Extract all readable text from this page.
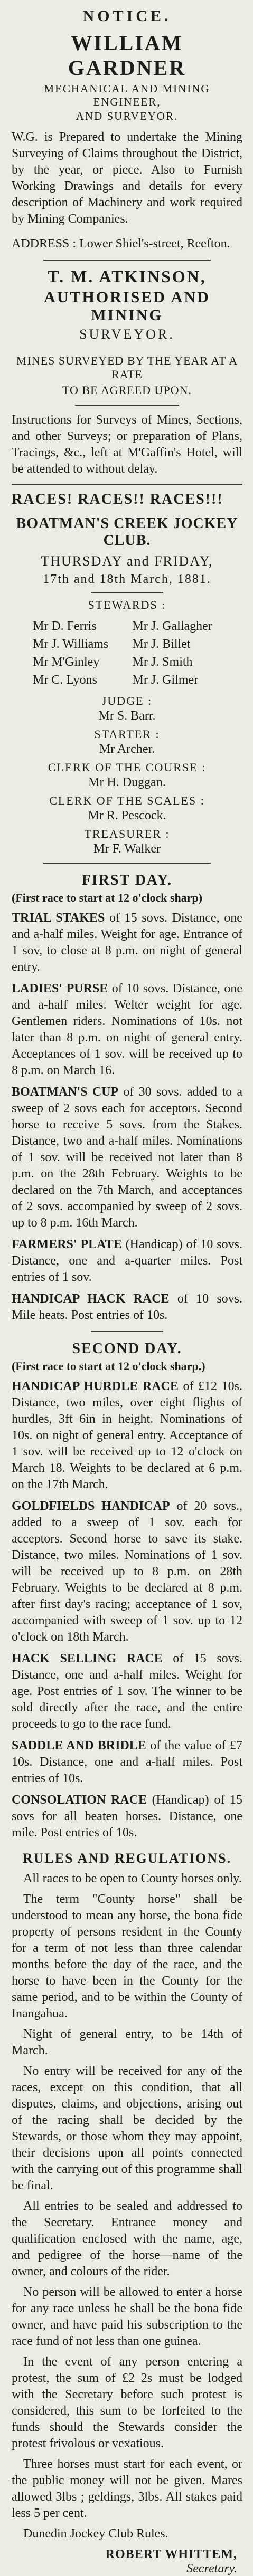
NOTICE.
WILLIAM GARDNER
MECHANICAL AND MINING ENGINEER,
AND SURVEYOR.
W.G. is Prepared to undertake the Mining Surveying of Claims throughout the District, by the year, or piece. Also to Furnish Working Drawings and details for every description of Machinery and work required by Mining Companies.
ADDRESS : Lower Shiel's-street, Reefton.
T. M. ATKINSON,
AUTHORISED AND MINING
SURVEYOR.
MINES SURVEYED BY THE YEAR AT A RATE
TO BE AGREED UPON.
Instructions for Surveys of Mines, Sections, and other Surveys; or preparation of Plans, Tracings, &c., left at M'Gaffin's Hotel, will be attended to without delay.
RACES! RACES!! RACES!!!
BOATMAN'S CREEK JOCKEY CLUB.
THURSDAY and FRIDAY,
17th and 18th March, 1881.
STEWARDS :
Mr D. Ferris	Mr J. Gallagher
Mr J. Williams	Mr J. Billet
Mr M'Ginley	Mr J. Smith
Mr C. Lyons	Mr J. Gilmer
JUDGE :
Mr S. Barr.
STARTER :
Mr Archer.
CLERK OF THE COURSE :
Mr H. Duggan.
CLERK OF THE SCALES :
Mr R. Pescock.
TREASURER :
Mr F. Walker
FIRST DAY.
(First race to start at 12 o'clock sharp)
TRIAL STAKES of 15 sovs. Distance, one and a-half miles. Weight for age. Entrance of 1 sov, to close at 8 p.m. on night of general entry.
LADIES' PURSE of 10 sovs. Distance, one and a-half miles. Welter weight for age. Gentlemen riders. Nominations of 10s. not later than 8 p.m. on night of general entry. Acceptances of 1 sov. will be received up to 8 p.m. on March 16.
BOATMAN'S CUP of 30 sovs. added to a sweep of 2 sovs each for acceptors. Second horse to receive 5 sovs. from the Stakes. Distance, two and a-half miles. Nominations of 1 sov. will be received not later than 8 p.m. on the 28th February. Weights to be declared on the 7th March, and acceptances of 2 sovs. accompanied by sweep of 2 sovs. up to 8 p.m. 16th March.
FARMERS' PLATE (Handicap) of 10 sovs. Distance, one and a-quarter miles. Post entries of 1 sov.
HANDICAP HACK RACE of 10 sovs. Mile heats. Post entries of 10s.
SECOND DAY.
(First race to start at 12 o'clock sharp.)
HANDICAP HURDLE RACE of £12 10s. Distance, two miles, over eight flights of hurdles, 3ft 6in in height. Nominations of 10s. on night of general entry. Acceptance of 1 sov. will be received up to 12 o'clock on March 18. Weights to be declared at 6 p.m. on the 17th March.
GOLDFIELDS HANDICAP of 20 sovs., added to a sweep of 1 sov. each for acceptors. Second horse to save its stake. Distance, two miles. Nominations of 1 sov. will be received up to 8 p.m. on 28th February. Weights to be declared at 8 p.m. after first day's racing; acceptance of 1 sov, accompanied with sweep of 1 sov. up to 12 o'clock on 18th March.
HACK SELLING RACE of 15 sovs. Distance, one and a-half miles. Weight for age. Post entries of 1 sov. The winner to be sold directly after the race, and the entire proceeds to go to the race fund.
SADDLE AND BRIDLE of the value of £7 10s. Distance, one and a-half miles. Post entries of 10s.
CONSOLATION RACE (Handicap) of 15 sovs for all beaten horses. Distance, one mile. Post entries of 10s.
RULES AND REGULATIONS.
All races to be open to County horses only.
The term "County horse" shall be understood to mean any horse, the bona fide property of persons resident in the County for a term of not less than three calendar months before the day of the race, and the horse to have been in the County for the same period, and to be within the County of Inangahua.
Night of general entry, to be 14th of March.
No entry will be received for any of the races, except on this condition, that all disputes, claims, and objections, arising out of the racing shall be decided by the Stewards, or those whom they may appoint, their decisions upon all points connected with the carrying out of this programme shall be final.
All entries to be sealed and addressed to the Secretary. Entrance money and qualification enclosed with the name, age, and pedigree of the horse—name of the owner, and colours of the rider.
No person will be allowed to enter a horse for any race unless he shall be the bona fide owner, and have paid his subscription to the race fund of not less than one guinea.
In the event of any person entering a protest, the sum of £2 2s must be lodged with the Secretary before such protest is considered, this sum to be forfeited to the funds should the Stewards consider the protest frivolous or vexatious.
Three horses must start for each event, or the public money will not be given. Mares allowed 3lbs ; geldings, 3lbs. All stakes paid less 5 per cent.
Dunedin Jockey Club Rules.
ROBERT WHITTEM,
Secretary.
